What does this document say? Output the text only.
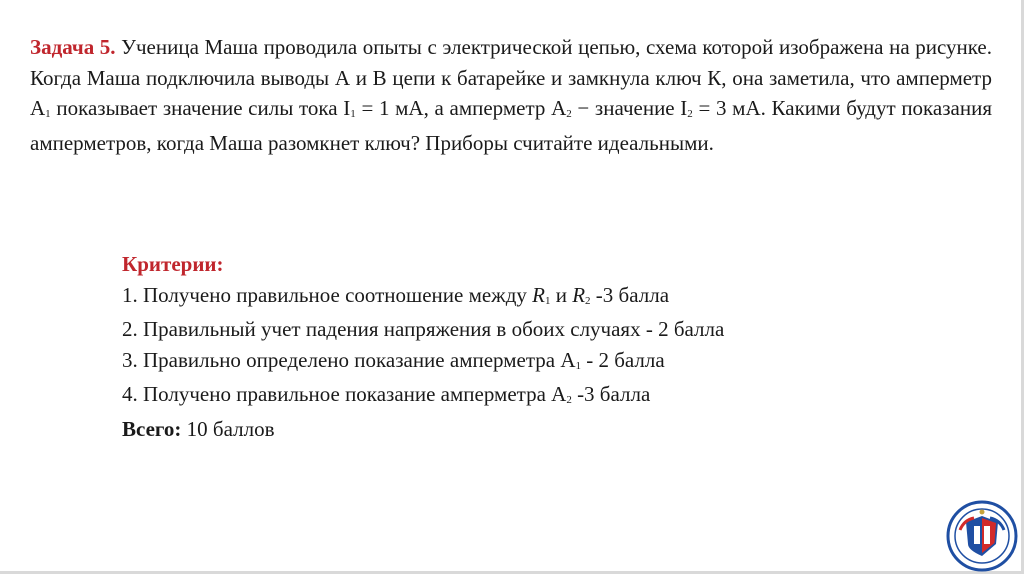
Задача 5. Ученица Маша проводила опыты с электрической цепью, схема которой изображена на рисунке. Когда Маша подключила выводы А и В цепи к батарейке и замкнула ключ К, она заметила, что амперметр $А_1$ показывает значение силы тока $I_1 = 1$ мА, а амперметр $А_2$ − значение $I_2 = 3$ мА. Какими будут показания амперметров, когда Маша разомкнет ключ? Приборы считайте идеальными.

Критерии:
1. Получено правильное соотношение между $R_1$ и $R_2$ -3 балла
2. Правильный учет падения напряжения в обоих случаях - 2 балла
3. Правильно определено показание амперметра $А_1 - 2$ балла
4. Получено правильное показание амперметра $А_2$ -3 балла
Всего: 10 баллов
